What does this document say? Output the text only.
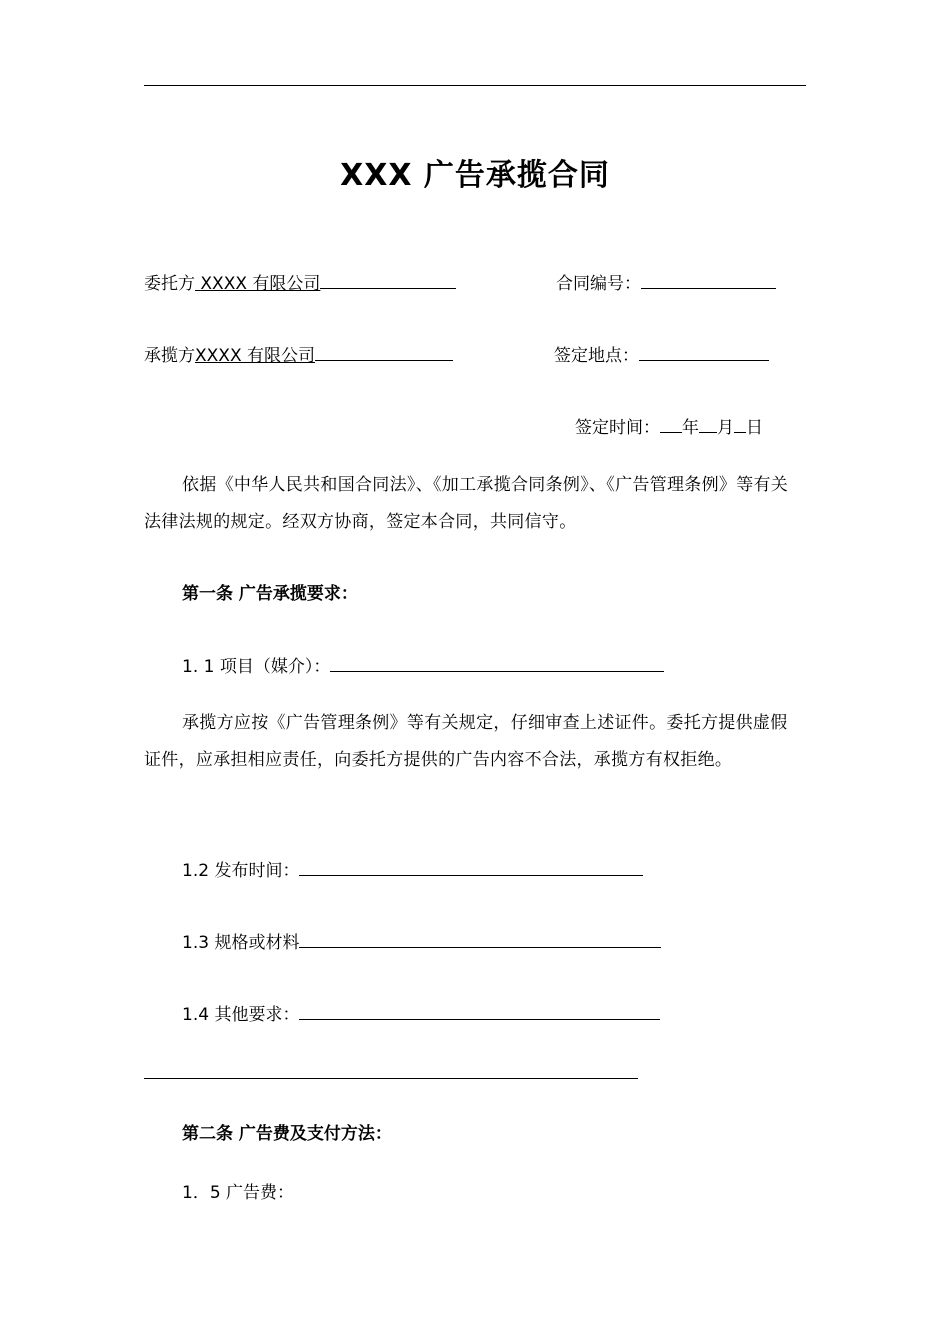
XXX 广告承揽合同
委托方 XXXX 有限公司	合同编号：
承揽方XXXX 有限公司	签定地点：
签定时间： 年 月 日
依据《中华人民共和国合同法》、《加工承揽合同条例》、《广告管理条例》等有关法律法规的规定。经双方协商，签定本合同，共同信守。
第一条 广告承揽要求：
1. 1 项目（媒介）：
承揽方应按《广告管理条例》等有关规定，仔细审查上述证件。委托方提供虚假证件，应承担相应责任，向委托方提供的广告内容不合法，承揽方有权拒绝。
1.2 发布时间：
1.3 规格或材料
1.4 其他要求：
第二条 广告费及支付方法：
1．5 广告费：
